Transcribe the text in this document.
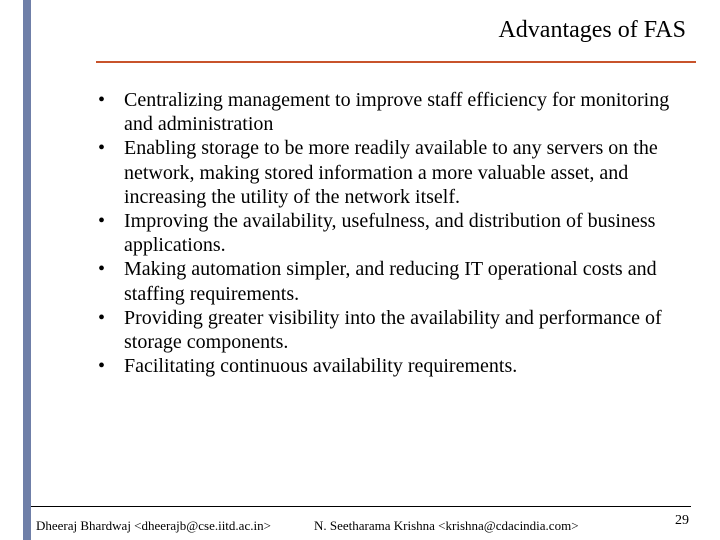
Advantages of FAS
• Centralizing management to improve staff efficiency for monitoring and administration
• Enabling storage to be more readily available to any servers on the network, making stored information a more valuable asset, and increasing the utility of the network itself.
• Improving the availability, usefulness, and distribution of business applications.
• Making automation simpler, and reducing IT operational costs and staffing requirements.
• Providing greater visibility into the availability and performance of storage components.
• Facilitating continuous availability requirements.
Dheeraj Bhardwaj <dheerajb@cse.iitd.ac.in>	N. Seetharama Krishna <krishna@cdacindia.com>	29
